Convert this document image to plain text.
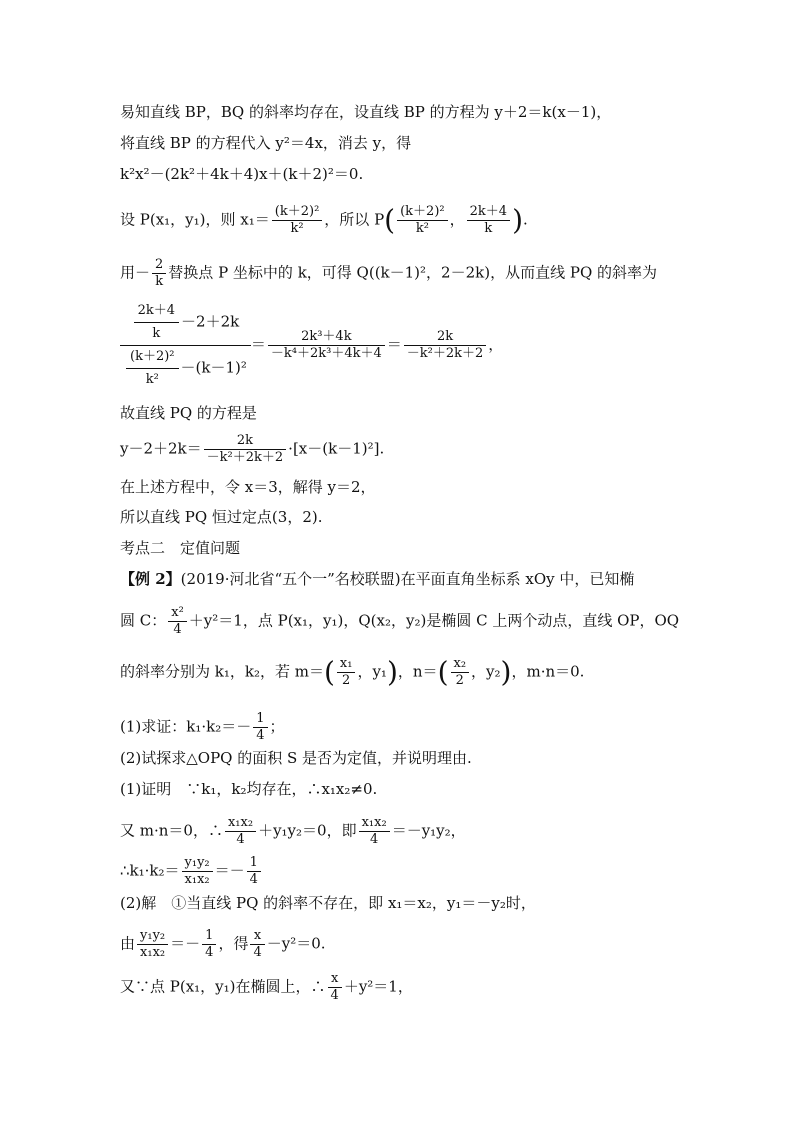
易知直线 BP，BQ 的斜率均存在，设直线 BP 的方程为 y＋2＝k(x－1)，
将直线 BP 的方程代入 y²＝4x，消去 y，得
k²x²－(2k²＋4k＋4)x＋(k＋2)²＝0.
设 P(x₁，y₁)，则 $x_1= \frac{\text{(k＋2)²}}{\text{k²}}$ ，所以 $P( \frac{\text{(k＋2)²}}{\text{k²}}$ ， $\frac{2k+4}{k}$ ).
用－ $\frac{2}{k}$ 替换点 P 坐标中的 k，可得 Q((k－1)²，2－2k)，从而直线 PQ 的斜率为
$\frac{\frac{2k+4}{k} -2+2k}{\frac{\text{(k＋2)²}}{\text{k²}} -(k-1)^2} = \frac{\text{2k³＋4k}}{\text{－k⁴＋2k³＋4k＋4}} = \frac{2k}{\text{－k²＋2k＋2}}$ ，
故直线 PQ 的方程是
$y-2+2k= \frac{2k}{\text{－k²＋2k＋2}} \cdot[x-(k-1)^2]$.
在上述方程中，令 x＝3，解得 y＝2，
所以直线 PQ 恒过定点(3，2).
考点二　定值问题
【例 2】(2019·河北省“五个一”名校联盟)在平面直角坐标系 xOy 中，已知椭
圆 C： $\frac{\text{x²}}{4} +y^2=1$，点 P(x₁，y₁)，Q(x₂，y₂)是椭圆 C 上两个动点，直线 OP，OQ
的斜率分别为 k₁，k₂，若 $m=( \frac{\text{x₁}}{2}$ ，y₁)，$n=( \frac{\text{x₂}}{2}$ ，y₂)，m·n＝0.
(1)求证：$k_1\cdot k_2=- \frac{1}{4}$ ；
(2)试探求△OPQ 的面积 S 是否为定值，并说明理由.
(1)证明　∵k₁，k₂均存在，∴x₁x₂≠0.
又 m·n＝0，∴ $\frac{\text{x₁x₂}}{4} +y_1y_2=0$，即 $\frac{\text{x₁x₂}}{4} =-y_1y_2$，
∴k₁·k₂＝ $\frac{\text{y₁y₂}}{\text{x₁x₂}} =- \frac{1}{4}$
(2)解　①当直线 PQ 的斜率不存在，即 x₁＝x₂，y₁＝－y₂时，
由 $\frac{\text{y₁y₂}}{\text{x₁x₂}} =- \frac{1}{4}$ ，得 $\frac{x}{4} -y^2=0$.
又∵点 P(x₁，y₁)在椭圆上，∴ $\frac{x}{4} +y^2=1$，
